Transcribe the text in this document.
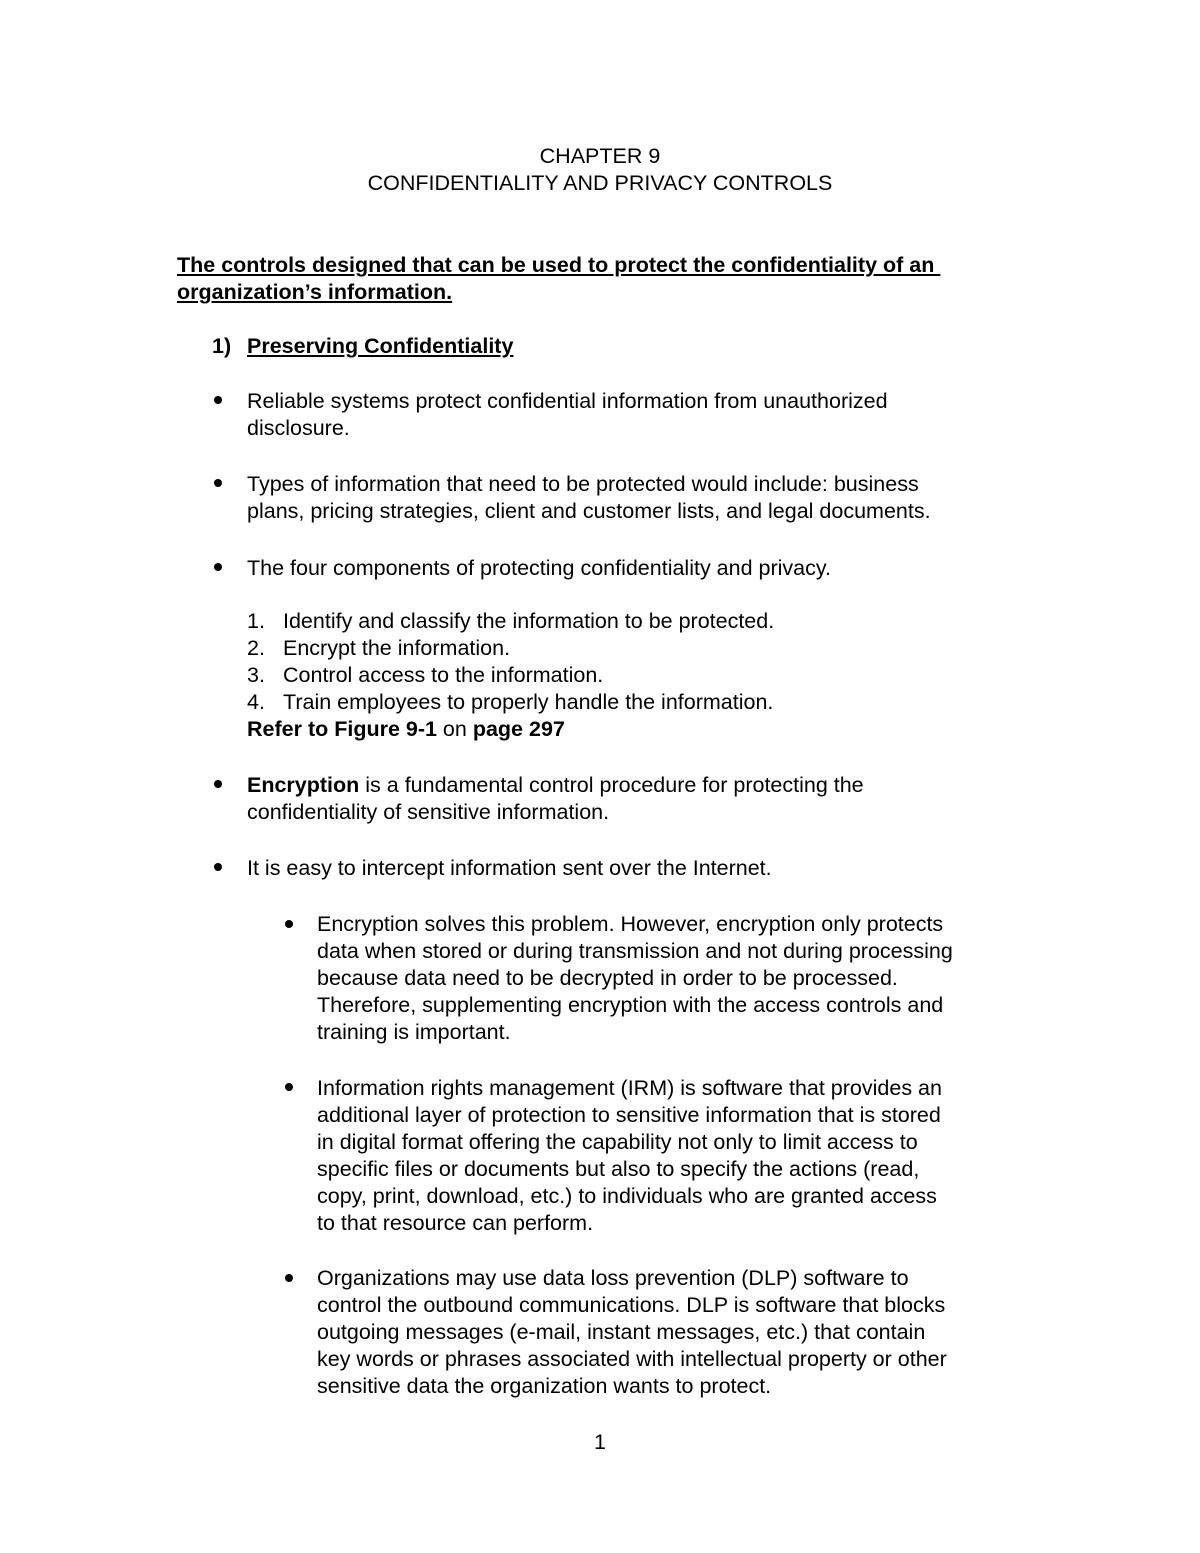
CHAPTER 9
CONFIDENTIALITY AND PRIVACY CONTROLS
The controls designed that can be used to protect the confidentiality of an
organization’s information.
1) Preserving Confidentiality
Reliable systems protect confidential information from unauthorized
disclosure.
Types of information that need to be protected would include: business
plans, pricing strategies, client and customer lists, and legal documents.
The four components of protecting confidentiality and privacy.
1. Identify and classify the information to be protected.
2. Encrypt the information.
3. Control access to the information.
4. Train employees to properly handle the information.
Refer to Figure 9-1 on page 297
Encryption is a fundamental control procedure for protecting the
confidentiality of sensitive information.
It is easy to intercept information sent over the Internet.
Encryption solves this problem. However, encryption only protects
data when stored or during transmission and not during processing
because data need to be decrypted in order to be processed.
Therefore, supplementing encryption with the access controls and
training is important.
Information rights management (IRM) is software that provides an
additional layer of protection to sensitive information that is stored
in digital format offering the capability not only to limit access to
specific files or documents but also to specify the actions (read,
copy, print, download, etc.) to individuals who are granted access
to that resource can perform.
Organizations may use data loss prevention (DLP) software to
control the outbound communications. DLP is software that blocks
outgoing messages (e-mail, instant messages, etc.) that contain
key words or phrases associated with intellectual property or other
sensitive data the organization wants to protect.
1
